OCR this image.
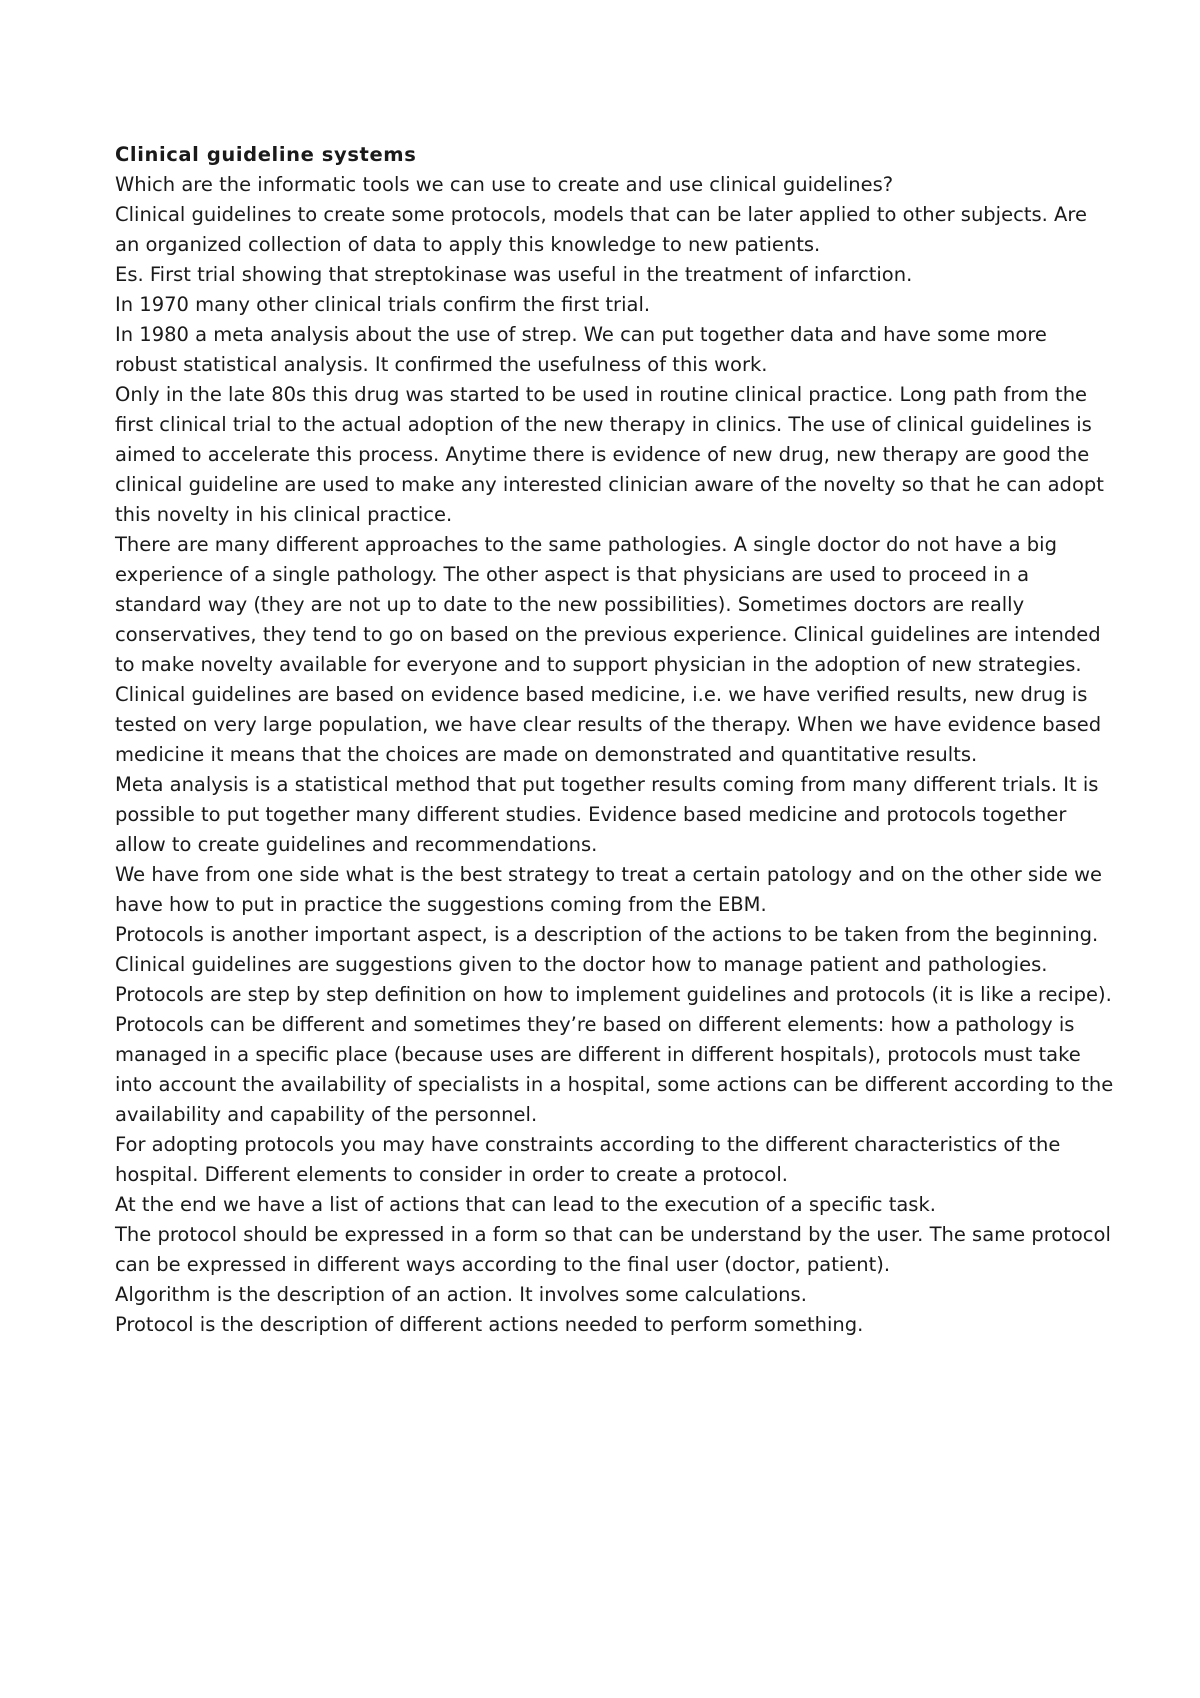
Clinical guideline systems

Which are the informatic tools we can use to create and use clinical guidelines?

Clinical guidelines to create some protocols, models that can be later applied to other subjects. Are an organized collection of data to apply this knowledge to new patients.

Es. First trial showing that streptokinase was useful in the treatment of infarction.

In 1970 many other clinical trials confirm the first trial.

In 1980 a meta analysis about the use of strep. We can put together data and have some more robust statistical analysis. It confirmed the usefulness of this work.

Only in the late 80s this drug was started to be used in routine clinical practice. Long path from the first clinical trial to the actual adoption of the new therapy in clinics. The use of clinical guidelines is aimed to accelerate this process. Anytime there is evidence of new drug, new therapy are good the clinical guideline are used to make any interested clinician aware of the novelty so that he can adopt this novelty in his clinical practice.

There are many different approaches to the same pathologies. A single doctor do not have a big experience of a single pathology. The other aspect is that physicians are used to proceed in a standard way (they are not up to date to the new possibilities). Sometimes doctors are really conservatives, they tend to go on based on the previous experience. Clinical guidelines are intended to make novelty available for everyone and to support physician in the adoption of new strategies.

Clinical guidelines are based on evidence based medicine, i.e. we have verified results, new drug is tested on very large population, we have clear results of the therapy. When we have evidence based medicine it means that the choices are made on demonstrated and quantitative results.

Meta analysis is a statistical method that put together results coming from many different trials. It is possible to put together many different studies. Evidence based medicine and protocols together allow to create guidelines and recommendations.

We have from one side what is the best strategy to treat a certain patology and on the other side we have how to put in practice the suggestions coming from the EBM.

Protocols is another important aspect, is a description of the actions to be taken from the beginning.

Clinical guidelines are suggestions given to the doctor how to manage patient and pathologies. Protocols are step by step definition on how to implement guidelines and protocols (it is like a recipe).

Protocols can be different and sometimes they’re based on different elements: how a pathology is managed in a specific place (because uses are different in different hospitals), protocols must take into account the availability of specialists in a hospital, some actions can be different according to the availability and capability of the personnel.

For adopting protocols you may have constraints according to the different characteristics of the hospital. Different elements to consider in order to create a protocol.

At the end we have a list of actions that can lead to the execution of a specific task.

The protocol should be expressed in a form so that can be understand by the user. The same protocol can be expressed in different ways according to the final user (doctor, patient).

Algorithm is the description of an action. It involves some calculations.

Protocol is the description of different actions needed to perform something.
